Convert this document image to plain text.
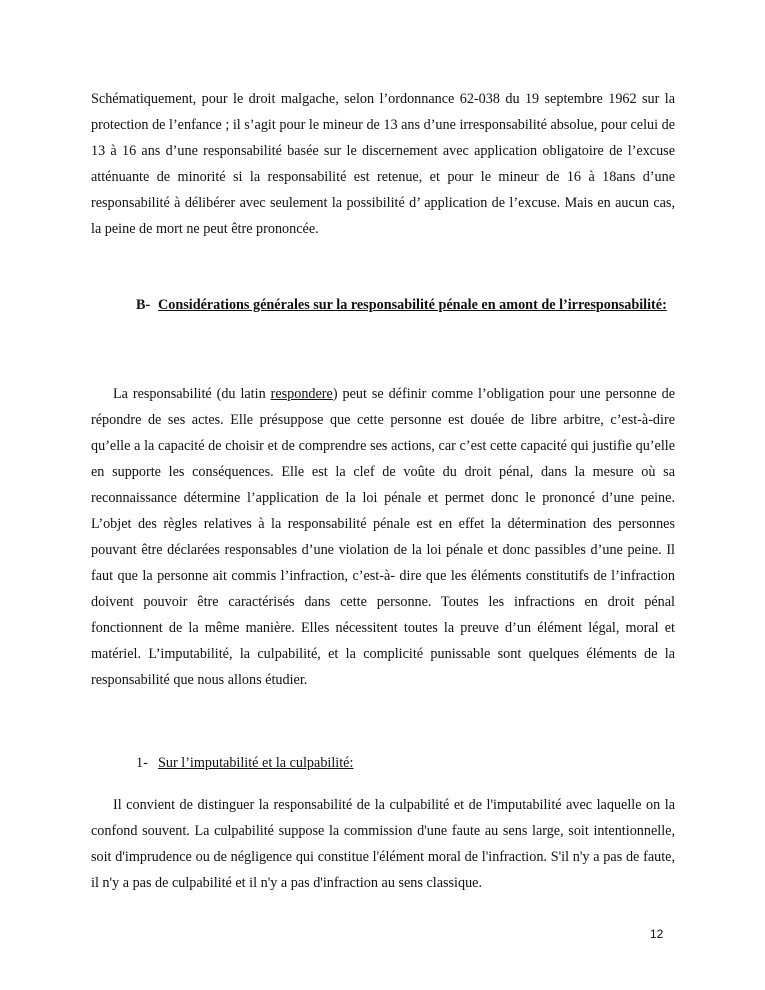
Schématiquement, pour le droit malgache, selon l’ordonnance 62-038 du 19 septembre 1962 sur la protection de l’enfance ; il s’agit pour le mineur de 13 ans d’une irresponsabilité absolue, pour celui de 13 à 16 ans d’une responsabilité basée sur le discernement avec application obligatoire de l’excuse atténuante de minorité si la responsabilité est retenue, et pour le mineur de 16 à 18ans d’une responsabilité à délibérer avec seulement la possibilité d’ application de l’excuse. Mais en aucun cas, la peine de mort ne peut être prononcée.

B- Considérations générales sur la responsabilité pénale en amont de l’irresponsabilité:

La responsabilité (du latin respondere) peut se définir comme l’obligation pour une personne de répondre de ses actes. Elle présuppose que cette personne est douée de libre arbitre, c’est-à-dire qu’elle a la capacité de choisir et de comprendre ses actions, car c’est cette capacité qui justifie qu’elle en supporte les conséquences. Elle est la clef de voûte du droit pénal, dans la mesure où sa reconnaissance détermine l’application de la loi pénale et permet donc le prononcé d’une peine. L’objet des règles relatives à la responsabilité pénale est en effet la détermination des personnes pouvant être déclarées responsables d’une violation de la loi pénale et donc passibles d’une peine. Il faut que la personne ait commis l’infraction, c’est-à- dire que les éléments constitutifs de l’infraction doivent pouvoir être caractérisés dans cette personne. Toutes les infractions en droit pénal fonctionnent de la même manière. Elles nécessitent toutes la preuve d’un élément légal, moral et matériel. L’imputabilité, la culpabilité, et la complicité punissable sont quelques éléments de la responsabilité que nous allons étudier.

1- Sur l’imputabilité et la culpabilité:

Il convient de distinguer la responsabilité de la culpabilité et de l'imputabilité avec laquelle on la confond souvent. La culpabilité suppose la commission d'une faute au sens large, soit intentionnelle, soit d'imprudence ou de négligence qui constitue l'élément moral de l'infraction. S'il n'y a pas de faute, il n'y a pas de culpabilité et il n'y a pas d'infraction au sens classique.

12
